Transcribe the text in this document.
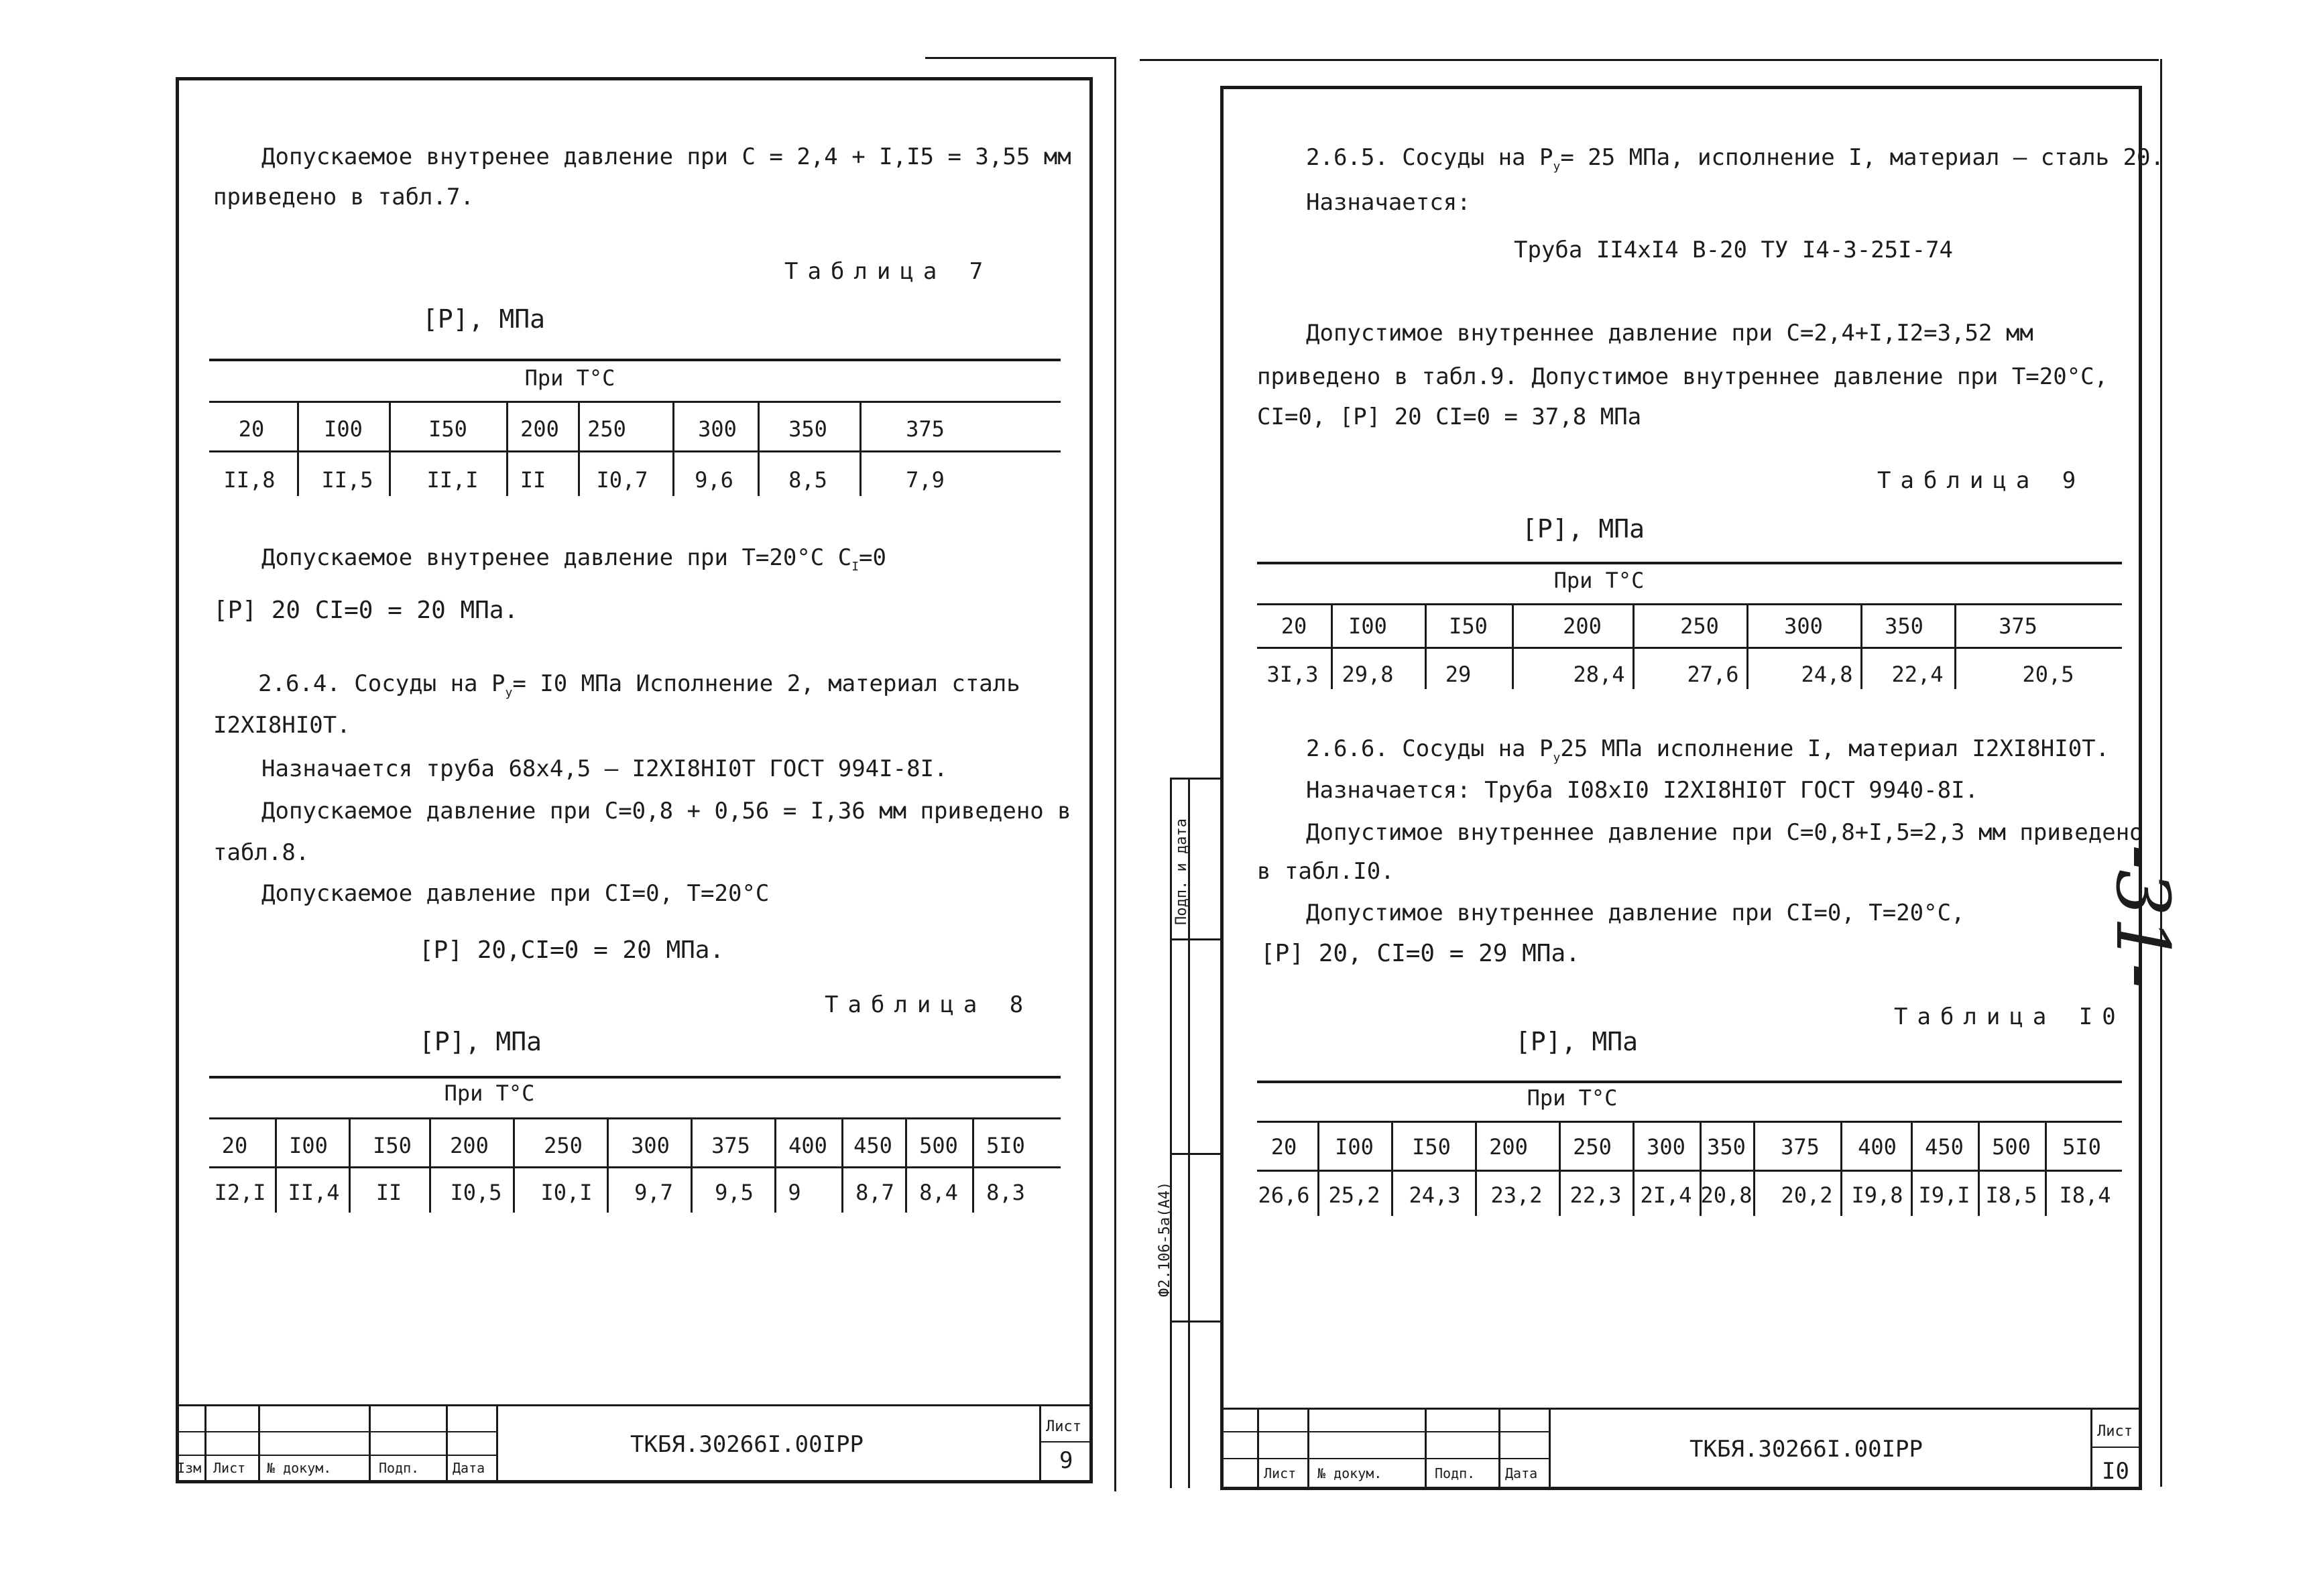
Допускаемое внутренее давление при С = 2,4 + I,I5 = 3,55 мм
приведено в табл.7.
Таблица 7
[P], МПа
При Т°С
20	I00	I50 200 250	300 350	375
II,8 II,5 II,I II I0,7 9,6	8,5	7,9
Допускаемое внутренее давление при Т=20°С $С_I=0$
[P] 20 CI=0 = 20 МПа.
2.6.4. Сосуды на $Р_у= I0$ МПа Исполнение 2, материал сталь
I2XI8HI0T.
Назначается труба 68х4,5 – I2XI8HI0T ГОСТ 994I-8I.
Допускаемое давление при С=0,8 + 0,56 = I,36 мм приведено в
табл.8.
Допускаемое давление при СI=0, Т=20°С
[P] 20,CI=0 = 20 МПа.
Таблица 8
[P], МПа
При Т°С
20 I00 I50 200	250 300 375 400 450 500 5I0
I2,I II,4 II I0,5 I0,I 9,7 9,5 9	8,7 8,4 8,3
Ізм Лист № докум.	Подп. Дата
ТКБЯ.30266I.00IPP
Лист
9
2.6.5. Сосуды на $Р_у= 25$ МПа, исполнение I, материал – сталь 20.
Назначается:
Труба II4хI4 В-20 ТУ I4-3-25I-74
Допустимое внутреннее давление при С=2,4+I,I2=3,52 мм
приведено в табл.9. Допустимое внутреннее давление при Т=20°С,
СI=0, [P] 20 CI=0 = 37,8 МПа
Таблица 9
[P], МПа
При Т°С
20 I00	I50	200	250	300	350	375
3I,3 29,8 29	28,4	27,6	24,8 22,4	20,5
2.6.6. Сосуды на $Р_у25$ МПа исполнение I, материал I2XI8HI0T.
Назначается: Труба I08хI0 I2XI8HI0T ГОСТ 9940-8I.
Допустимое внутреннее давление при С=0,8+I,5=2,3 мм приведено
в табл.I0.
Допустимое внутреннее давление при СI=0, Т=20°С,
[P] 20, CI=0 = 29 МПа.
Таблица I0
[P], МПа
При Т°С
20 I00 I50 200 250 300 350 375 400 450 500 5I0
26,6 25,2 24,3 23,2 22,3 2I,4 20,8 20,2 I9,8 I9,I I8,5 I8,4
Лист № докум.	Подп. Дата
ТКБЯ.30266I.00IPP
Лист
I0
Подп. и дата
Ф2.106-5а(А4)
-31-
